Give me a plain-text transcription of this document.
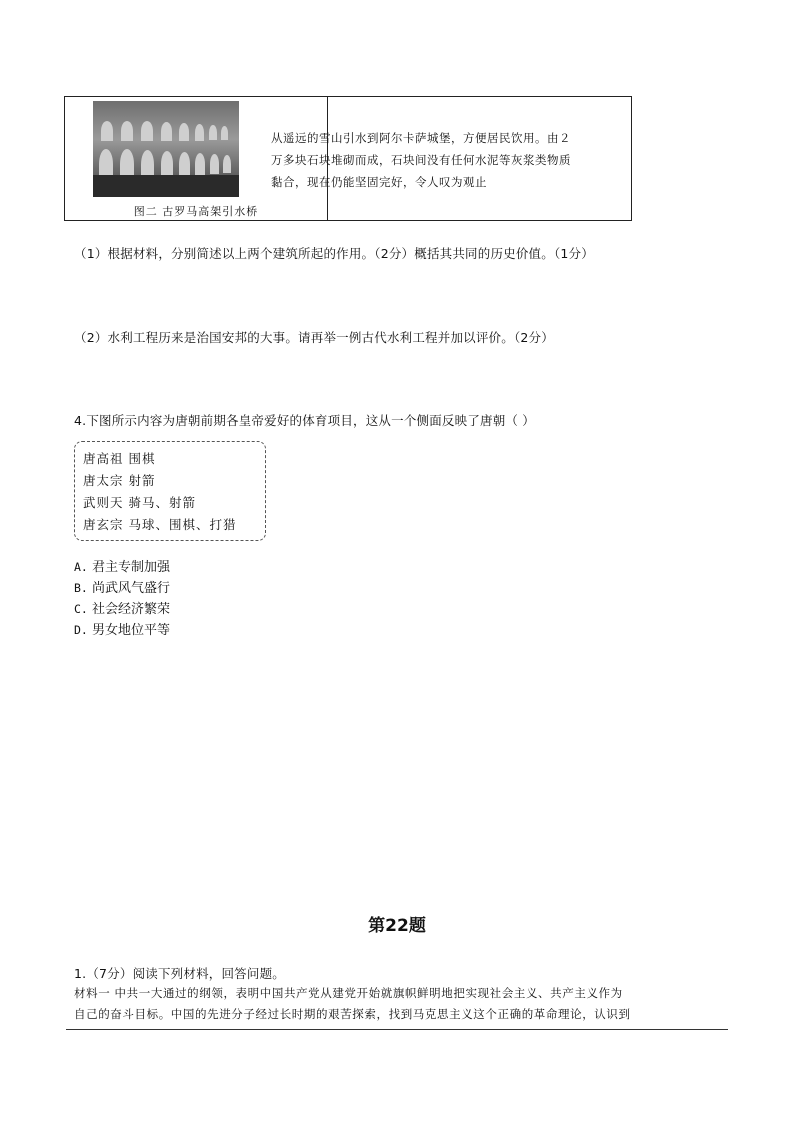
图二 古罗马高架引水桥
从遥远的雪山引水到阿尔卡萨城堡，方便居民饮用。由２
万多块石块堆砌而成，石块间没有任何水泥等灰浆类物质
黏合，现在仍能坚固完好，令人叹为观止
（1）根据材料，分别简述以上两个建筑所起的作用。（2分）概括其共同的历史价值。（1分）
（2）水利工程历来是治国安邦的大事。请再举一例古代水利工程并加以评价。（2分）
4.下图所示内容为唐朝前期各皇帝爱好的体育项目，这从一个侧面反映了唐朝（ ）
唐高祖 围棋
唐太宗 射箭
武则天 骑马、射箭
唐玄宗 马球、围棋、打猎
A. 君主专制加强
B. 尚武风气盛行
C. 社会经济繁荣
D. 男女地位平等
第22题
1.（7分）阅读下列材料，回答问题。
材料一 中共一大通过的纲领，表明中国共产党从建党开始就旗帜鲜明地把实现社会主义、共产主义作为
自己的奋斗目标。中国的先进分子经过长时期的艰苦探索，找到马克思主义这个正确的革命理论，认识到
